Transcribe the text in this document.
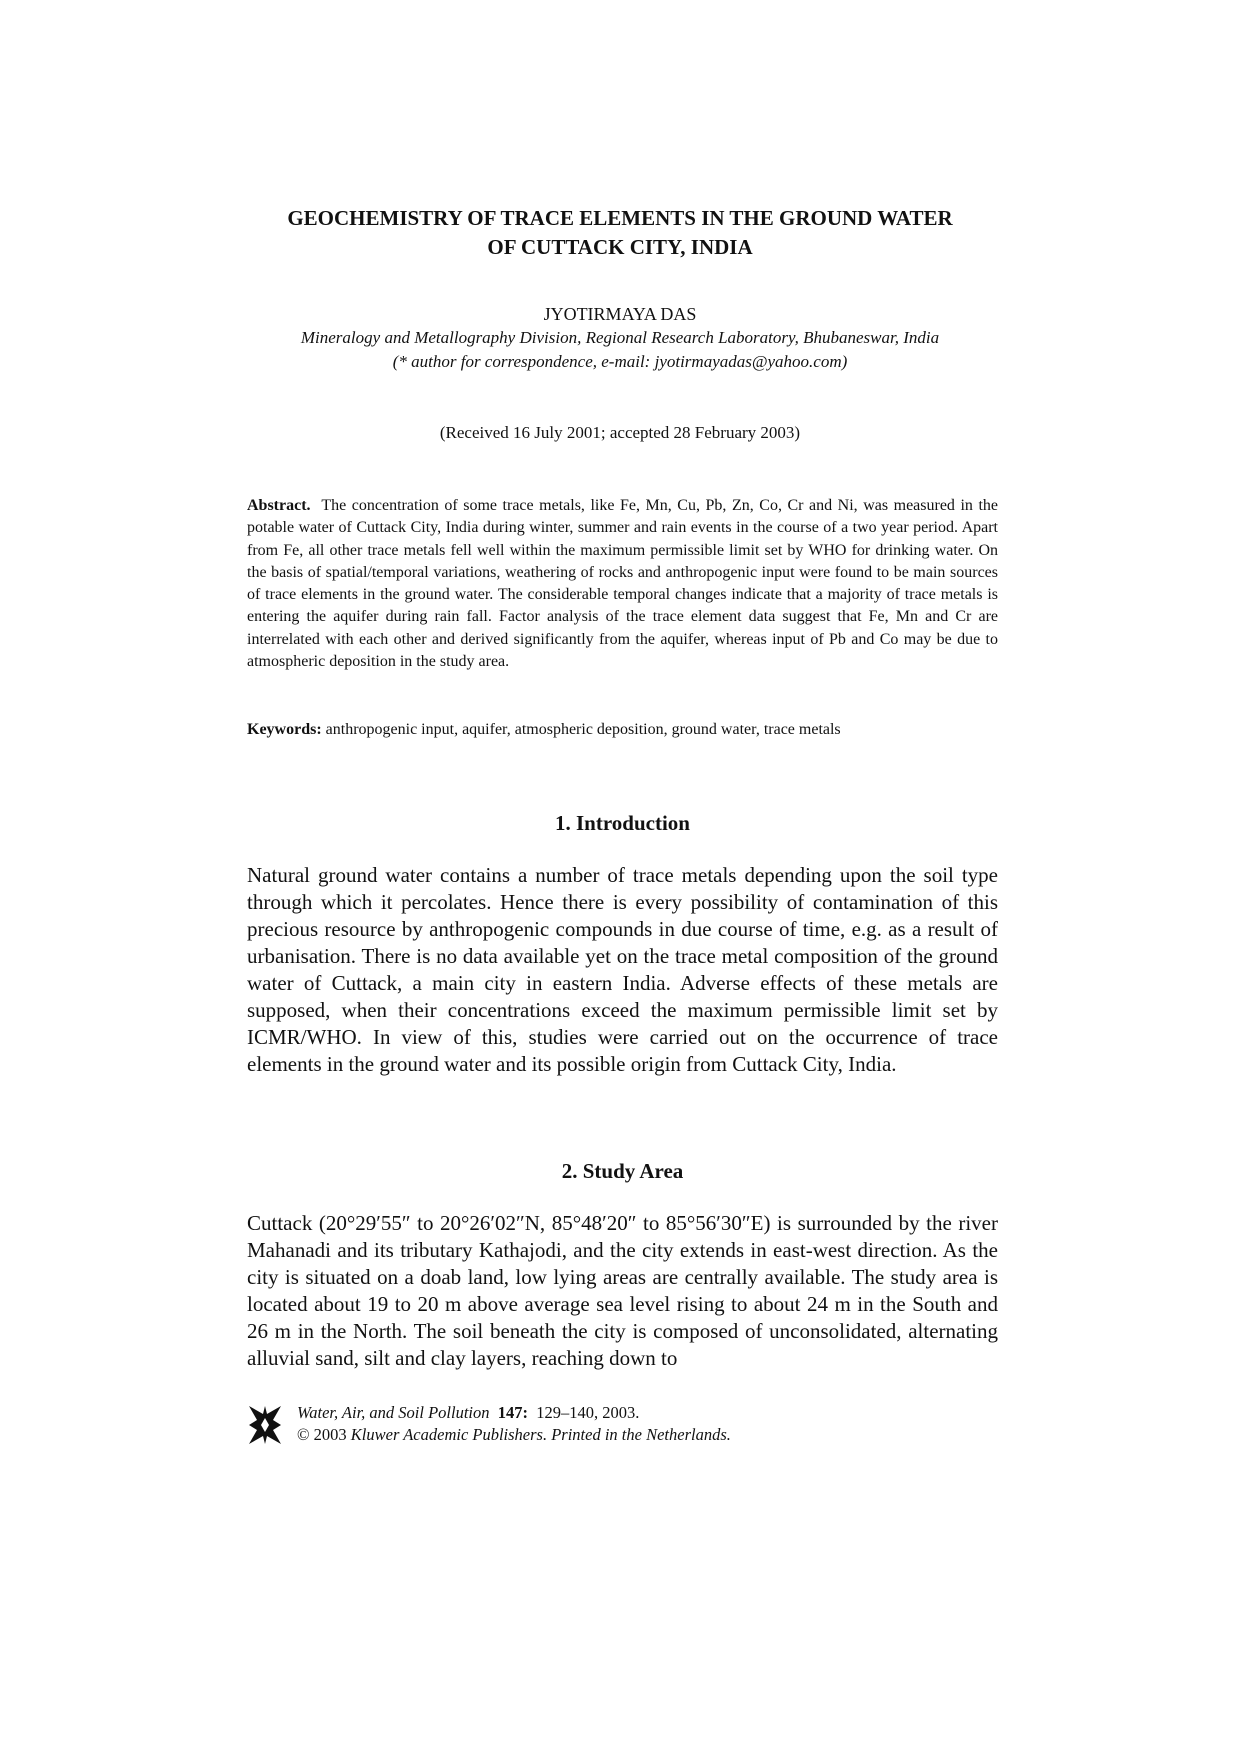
GEOCHEMISTRY OF TRACE ELEMENTS IN THE GROUND WATER
OF CUTTACK CITY, INDIA

JYOTIRMAYA DAS

Mineralogy and Metallography Division, Regional Research Laboratory, Bhubaneswar, India
(* author for correspondence, e-mail: jyotirmayadas@yahoo.com)

(Received 16 July 2001; accepted 28 February 2003)

Abstract. The concentration of some trace metals, like Fe, Mn, Cu, Pb, Zn, Co, Cr and Ni, was measured in the potable water of Cuttack City, India during winter, summer and rain events in the course of a two year period. Apart from Fe, all other trace metals fell well within the maximum permissible limit set by WHO for drinking water. On the basis of spatial/temporal variations, weathering of rocks and anthropogenic input were found to be main sources of trace elements in the ground water. The considerable temporal changes indicate that a majority of trace metals is entering the aquifer during rain fall. Factor analysis of the trace element data suggest that Fe, Mn and Cr are interrelated with each other and derived significantly from the aquifer, whereas input of Pb and Co may be due to atmospheric deposition in the study area.

Keywords: anthropogenic input, aquifer, atmospheric deposition, ground water, trace metals

1. Introduction

Natural ground water contains a number of trace metals depending upon the soil type through which it percolates. Hence there is every possibility of contamination of this precious resource by anthropogenic compounds in due course of time, e.g. as a result of urbanisation. There is no data available yet on the trace metal composition of the ground water of Cuttack, a main city in eastern India. Adverse effects of these metals are supposed, when their concentrations exceed the maximum permissible limit set by ICMR/WHO. In view of this, studies were carried out on the occurrence of trace elements in the ground water and its possible origin from Cuttack City, India.

2. Study Area

Cuttack (20°29′55″ to 20°26′02″N, 85°48′20″ to 85°56′30″E) is surrounded by the river Mahanadi and its tributary Kathajodi, and the city extends in east-west direction. As the city is situated on a doab land, low lying areas are centrally available. The study area is located about 19 to 20 m above average sea level rising to about 24 m in the South and 26 m in the North. The soil beneath the city is composed of unconsolidated, alternating alluvial sand, silt and clay layers, reaching down to

Water, Air, and Soil Pollution 147: 129–140, 2003.
© 2003 Kluwer Academic Publishers. Printed in the Netherlands.
